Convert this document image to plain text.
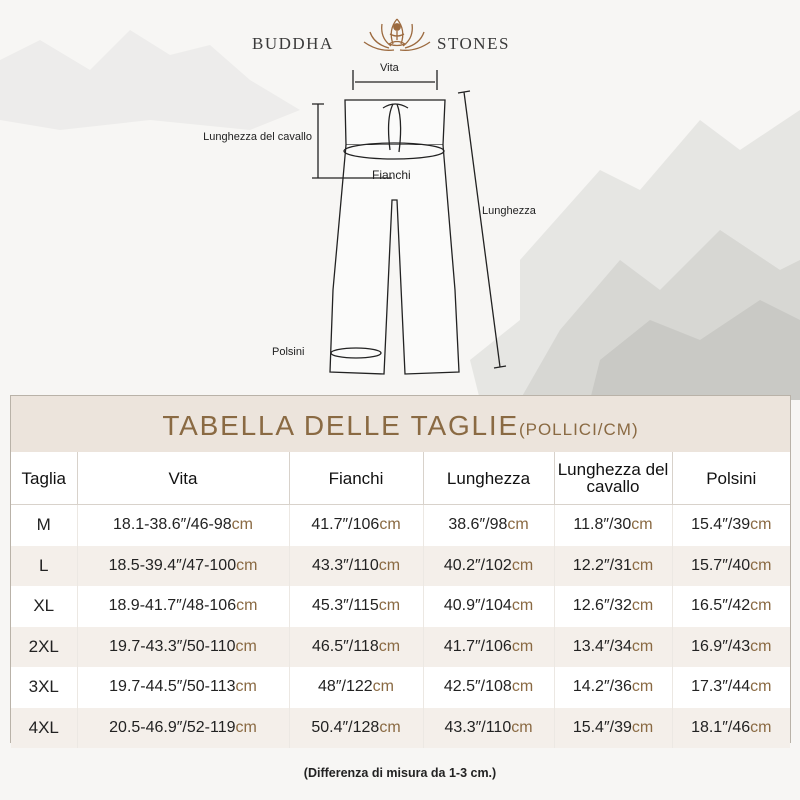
BUDDHA	STONES
Vita
Lunghezza del cavallo
Fianchi
Lunghezza
Polsini
TABELLA DELLE TAGLIE(POLLICI/CM)
Taglia	Vita	Fianchi	Lunghezza	Lunghezza del cavallo	Polsini
M	18.1-38.6″/46-98cm	41.7″/106cm	38.6″/98cm	11.8″/30cm	15.4″/39cm
L	18.5-39.4″/47-100cm	43.3″/110cm	40.2″/102cm	12.2″/31cm	15.7″/40cm
XL	18.9-41.7″/48-106cm	45.3″/115cm	40.9″/104cm	12.6″/32cm	16.5″/42cm
2XL	19.7-43.3″/50-110cm	46.5″/118cm	41.7″/106cm	13.4″/34cm	16.9″/43cm
3XL	19.7-44.5″/50-113cm	48″/122cm	42.5″/108cm	14.2″/36cm	17.3″/44cm
4XL	20.5-46.9″/52-119cm	50.4″/128cm	43.3″/110cm	15.4″/39cm	18.1″/46cm
(Differenza di misura da 1-3 cm.)
